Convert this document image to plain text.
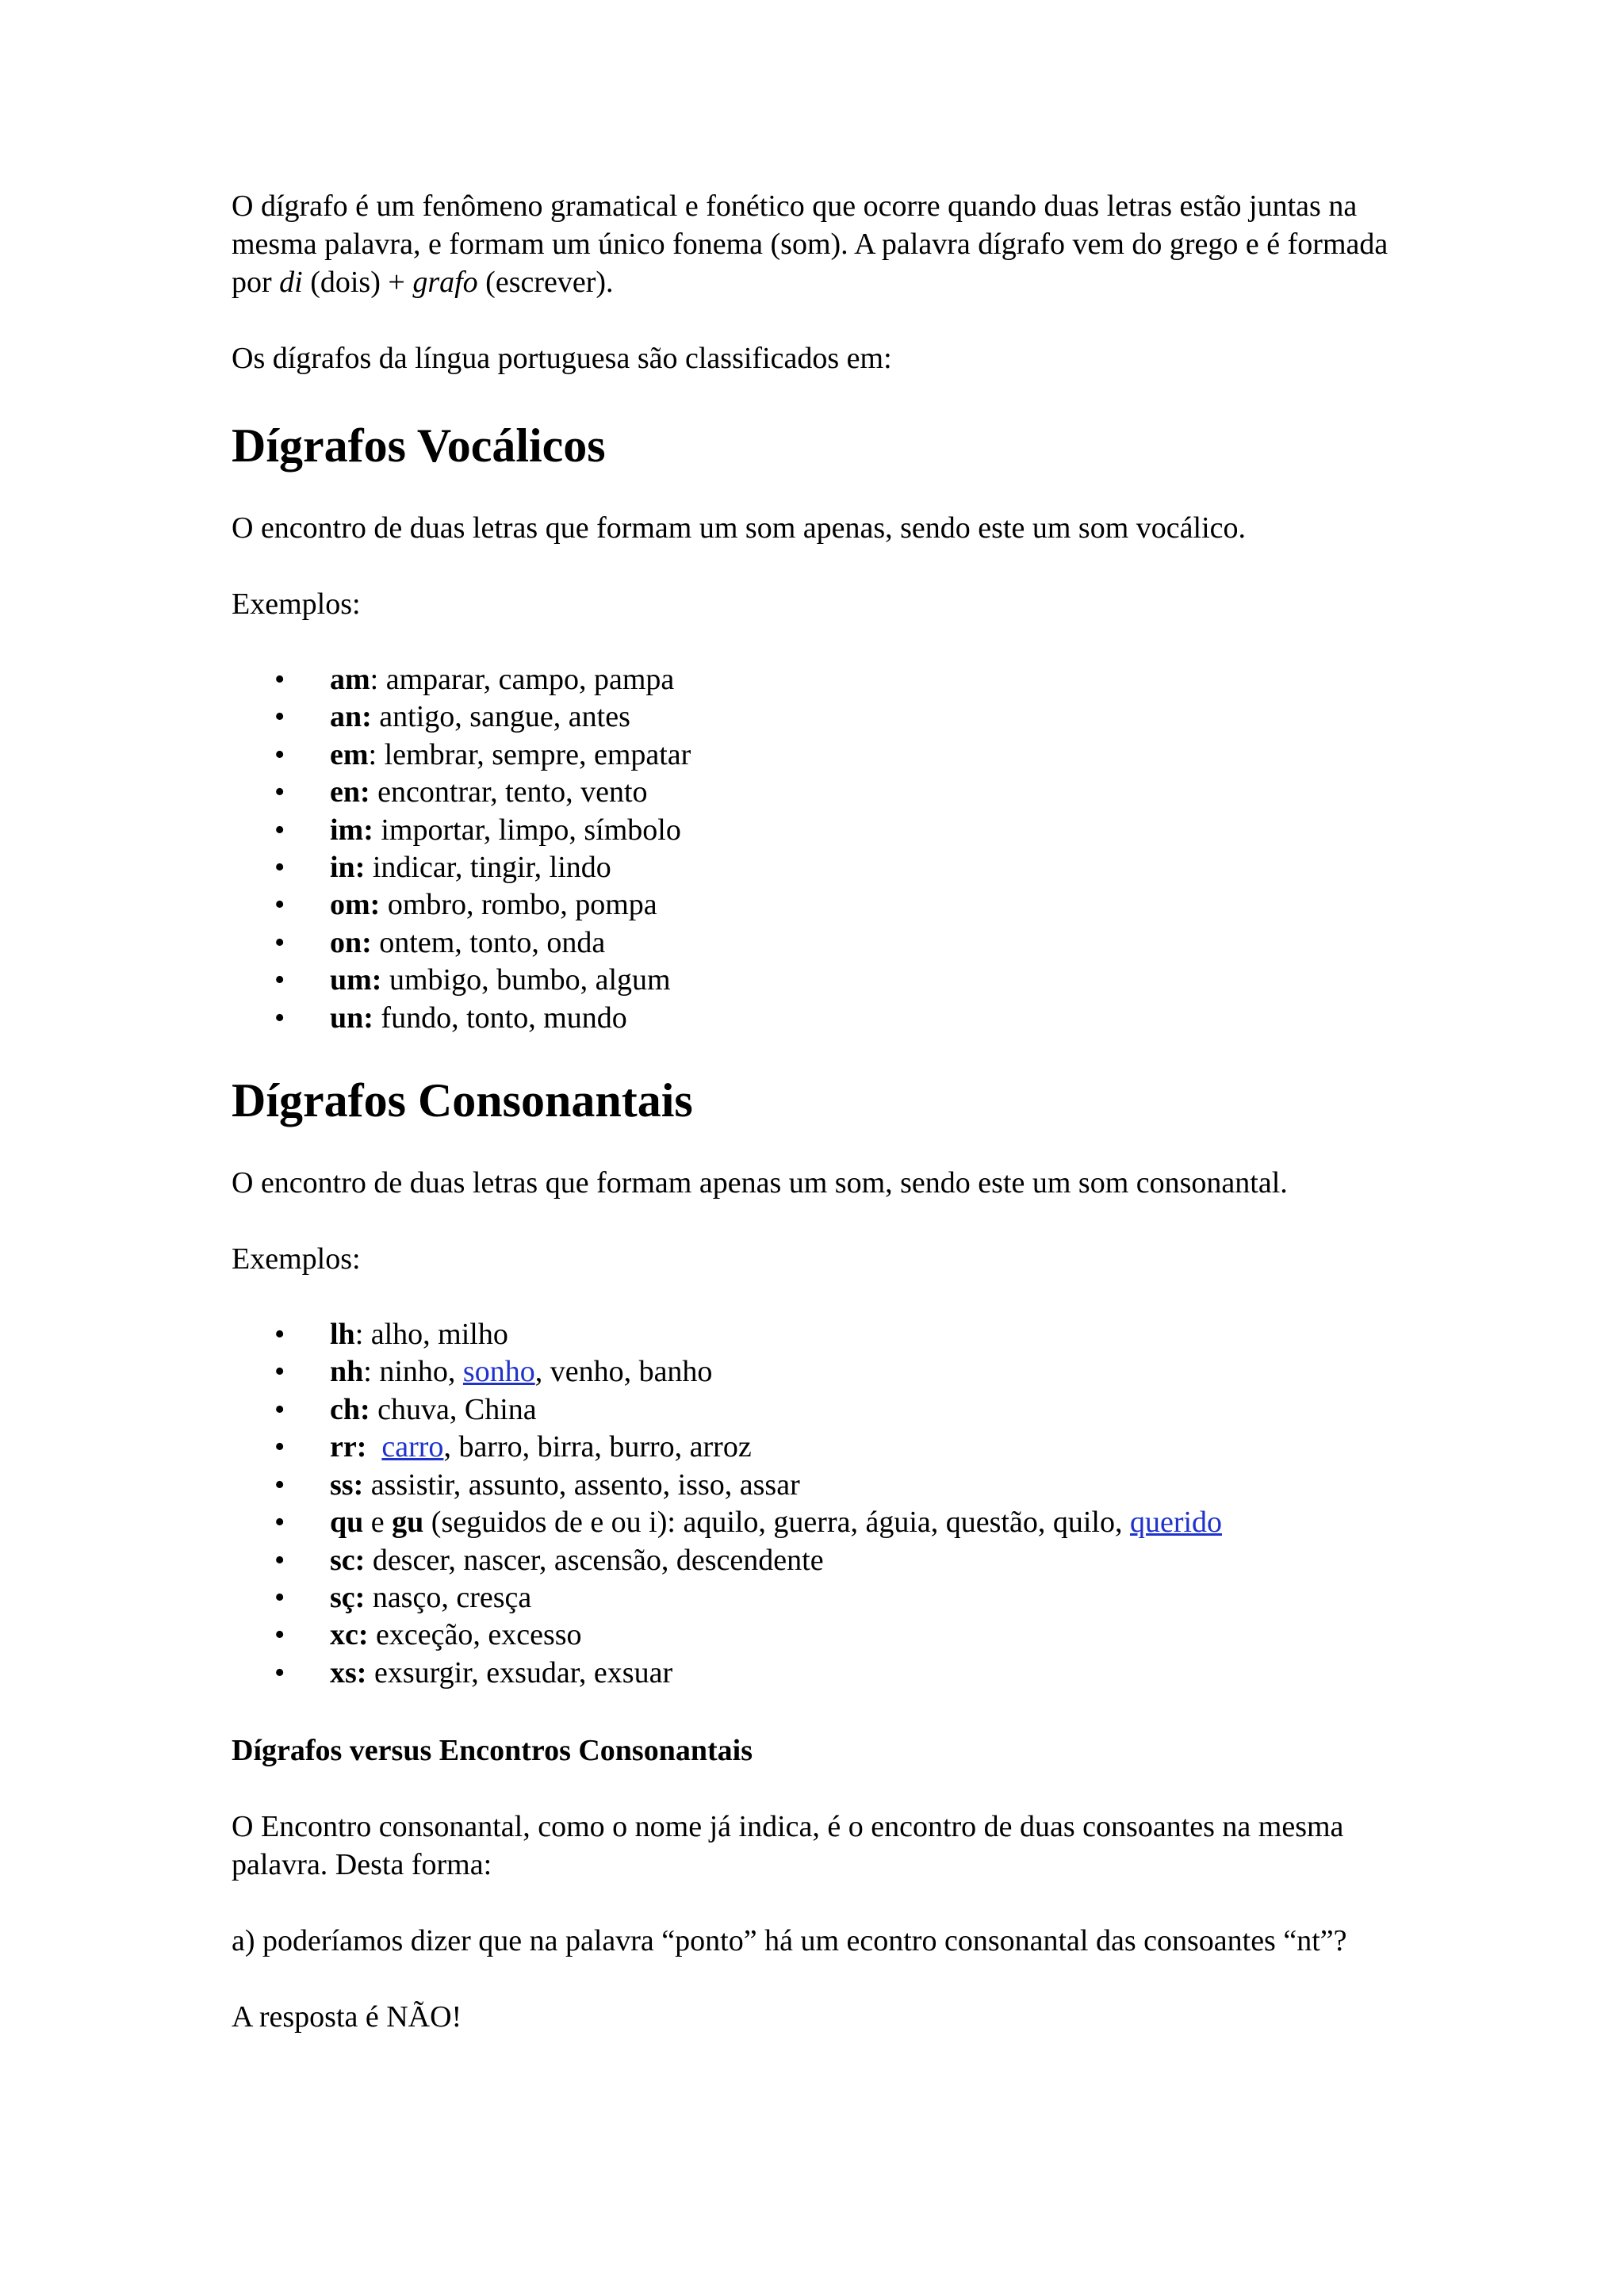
O dígrafo é um fenômeno gramatical e fonético que ocorre quando duas letras estão juntas na mesma palavra, e formam um único fonema (som). A palavra dígrafo vem do grego e é formada por di (dois) + grafo (escrever).

Os dígrafos da língua portuguesa são classificados em:

Dígrafos Vocálicos

O encontro de duas letras que formam um som apenas, sendo este um som vocálico.

Exemplos:

• am: amparar, campo, pampa
• an: antigo, sangue, antes
• em: lembrar, sempre, empatar
• en: encontrar, tento, vento
• im: importar, limpo, símbolo
• in: indicar, tingir, lindo
• om: ombro, rombo, pompa
• on: ontem, tonto, onda
• um: umbigo, bumbo, algum
• un: fundo, tonto, mundo
Dígrafos Consonantais

O encontro de duas letras que formam apenas um som, sendo este um som consonantal.

Exemplos:

• lh: alho, milho
• nh: ninho, sonho, venho, banho
• ch: chuva, China
• rr: carro, barro, birra, burro, arroz
• ss: assistir, assunto, assento, isso, assar
• qu e gu (seguidos de e ou i): aquilo, guerra, águia, questão, quilo, querido
• sc: descer, nascer, ascensão, descendente
• sç: nasço, cresça
• xc: exceção, excesso
• xs: exsurgir, exsudar, exsuar

Dígrafos versus Encontros Consonantais

O Encontro consonantal, como o nome já indica, é o encontro de duas consoantes na mesma palavra. Desta forma:

a) poderíamos dizer que na palavra “ponto” há um econtro consonantal das consoantes “nt”?

A resposta é NÃO!
